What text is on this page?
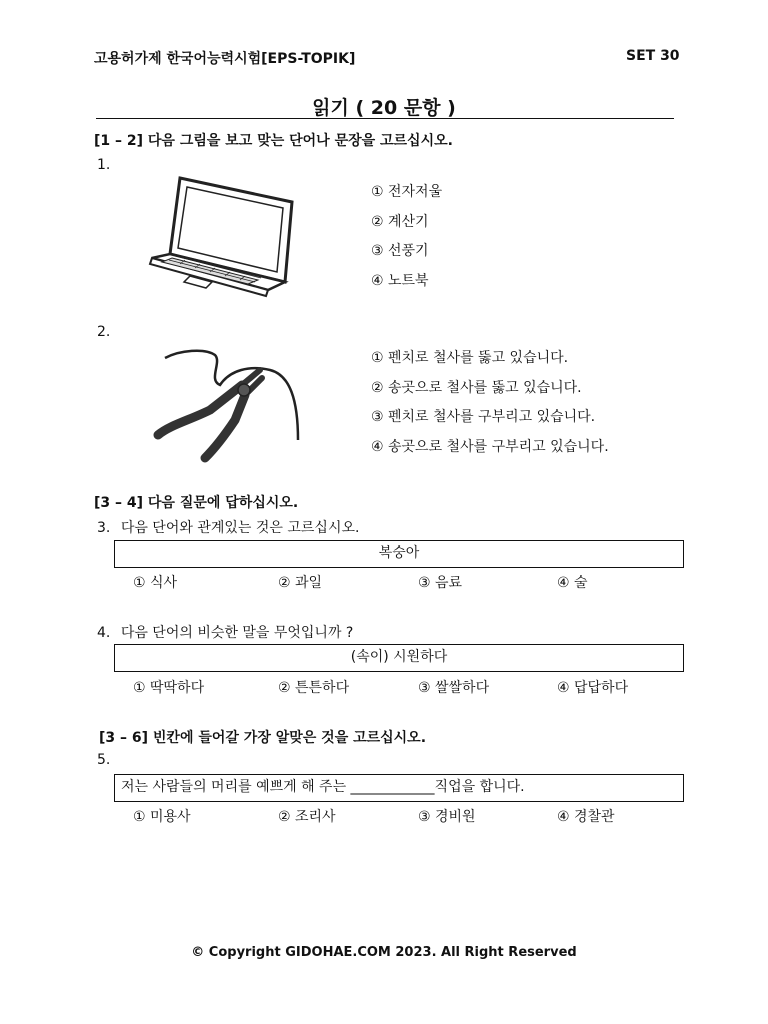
고용허가제 한국어능력시험[EPS-TOPIK]	SET 30
읽기 ( 20 문항 )
[1 – 2] 다음 그림을 보고 맞는 단어나 문장을 고르십시오.
1.
① 전자저울
② 계산기
③ 선풍기
④ 노트북
2.
① 펜치로 철사를 뚫고 있습니다.
② 송곳으로 철사를 뚫고 있습니다.
③ 펜치로 철사를 구부리고 있습니다.
④ 송곳으로 철사를 구부리고 있습니다.
[3 – 4] 다음 질문에 답하십시오.
3. 다음 단어와 관계있는 것은 고르십시오.
복숭아
① 식사	② 과일	③ 음료	④ 술
4. 다음 단어의 비슷한 말을 무엇입니까 ?
(속이) 시원하다
① 딱딱하다	② 튼튼하다	③ 쌀쌀하다	④ 답답하다
[3 – 6] 빈칸에 들어갈 가장 알맞은 것을 고르십시오.
5.
저는 사람들의 머리를 예쁘게 해 주는 ____________직업을 합니다.
① 미용사	② 조리사	③ 경비원	④ 경찰관
© Copyright GIDOHAE.COM 2023. All Right Reserved
